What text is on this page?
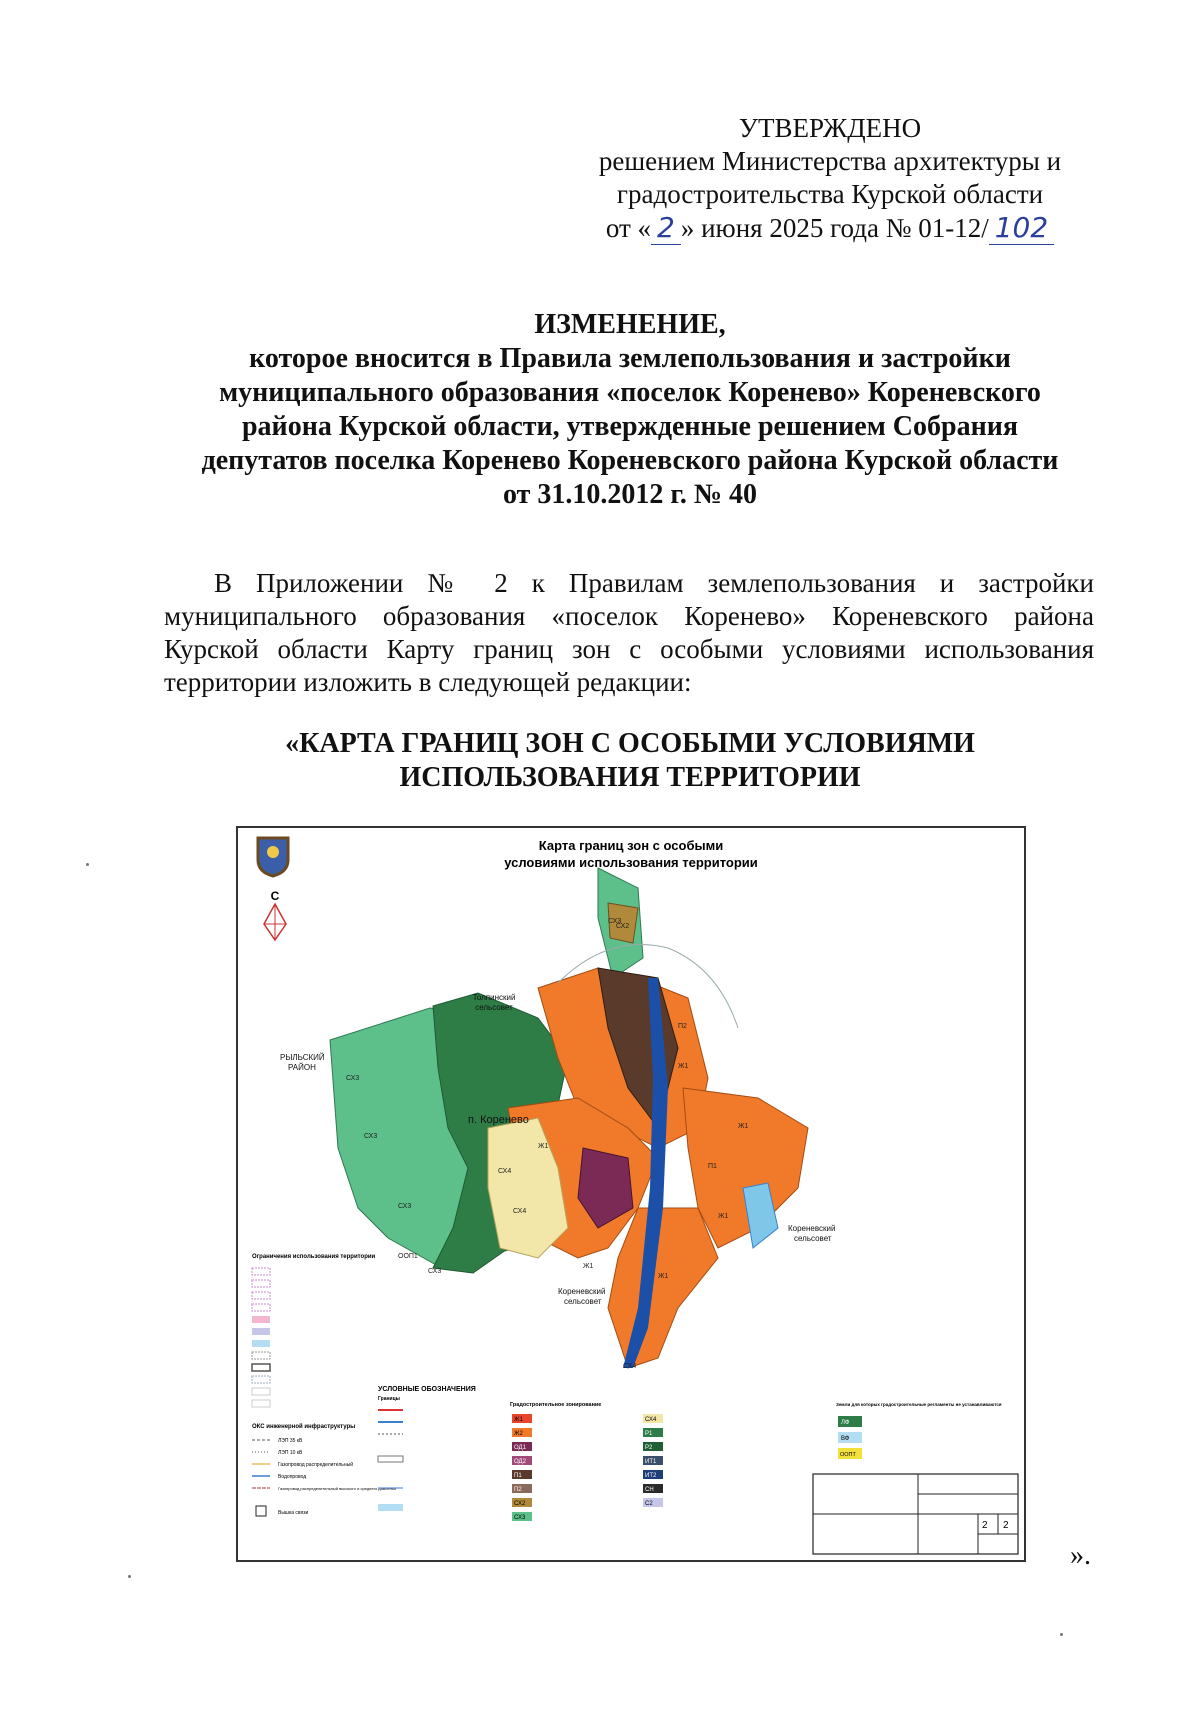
УТВЕРЖДЕНО
решением Министерства архитектуры и
градостроительства Курской области
от « 2 » июня 2025 года № 01-12/ 102
ИЗМЕНЕНИЕ,
которое вносится в Правила землепользования и застройки
муниципального образования «поселок Коренево» Кореневского
района Курской области, утвержденные решением Собрания
депутатов поселка Коренево Кореневского района Курской области
от 31.10.2012 г. № 40
В Приложении № 2 к Правилам землепользования и застройки
муниципального образования «поселок Коренево» Кореневского района
Курской области Карту границ зон с особыми условиями использования
территории изложить в следующей редакции:
«КАРТА ГРАНИЦ ЗОН С ОСОБЫМИ УСЛОВИЯМИ
ИСПОЛЬЗОВАНИЯ ТЕРРИТОРИИ
Карта границ зон с особыми
условиями использования территории
С
СХ3
СХ3
СХ3
СХ3
СХ3
СХ2
Ж1
Ж1
Ж1
Ж1
П1
П2
СХ4
СХ4
СХ4
ООП1
Ж1
Ж1
Толпинский
сельсовет
РЫЛЬСКИЙ
РАЙОН
п. Коренево
Кореневский
сельсовет
Кореневский
сельсовет
Ограничения использования территории
ОКС инженерной инфраструктуры
ЛЭП 35 кВ
ЛЭП 10 кВ
Газопровод распределительный
Водопровод
Газопровод распределительный высокого и среднего давления
Вышка связи
УСЛОВНЫЕ ОБОЗНАЧЕНИЯ
Границы
Градостроительное зонирование
Ж1
Ж2
ОД1
ОД2
П1
П2
СХ2
СХ3
СХ4
Р1
Р2
ИТ1
ИТ2
СН
С2
Земли для которых градостроительные регламенты не устанавливаются
ЛФ
ВФ
ООПТ
2 2
».
